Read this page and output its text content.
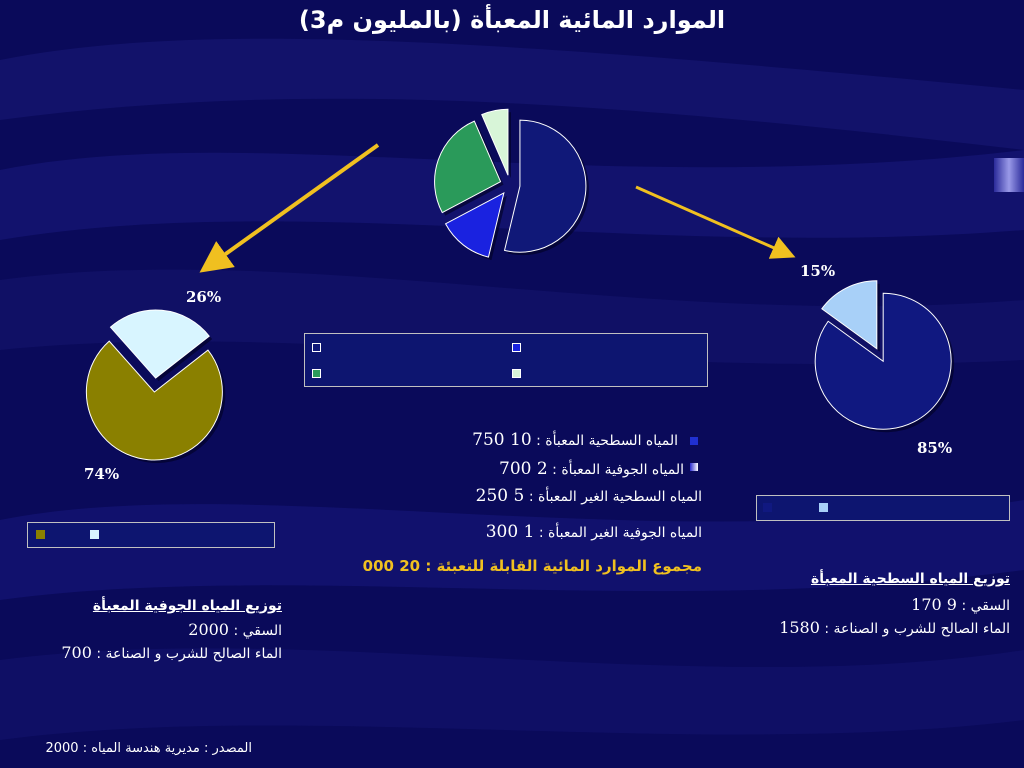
الموارد المائية المعبأة (بالمليون م3)
26%
74%
15%
85%
المياه السطحية المعبأة : 10 750
المياه الجوفية المعبأة : 2 700
المياه السطحية الغير المعبأة : 5 250
المياه الجوفية الغير المعبأة : 1 300
مجموع الموارد المائية القابلة للتعبئة : 20 000
توزيع المياه الجوفية المعبأة
السقي : 2000
الماء الصالح للشرب و الصناعة : 700
توزيع المياه السطحية المعبأة
السقي : 9 170
الماء الصالح للشرب و الصناعة : 1580
المصدر : مديرية هندسة المياه : 2000
